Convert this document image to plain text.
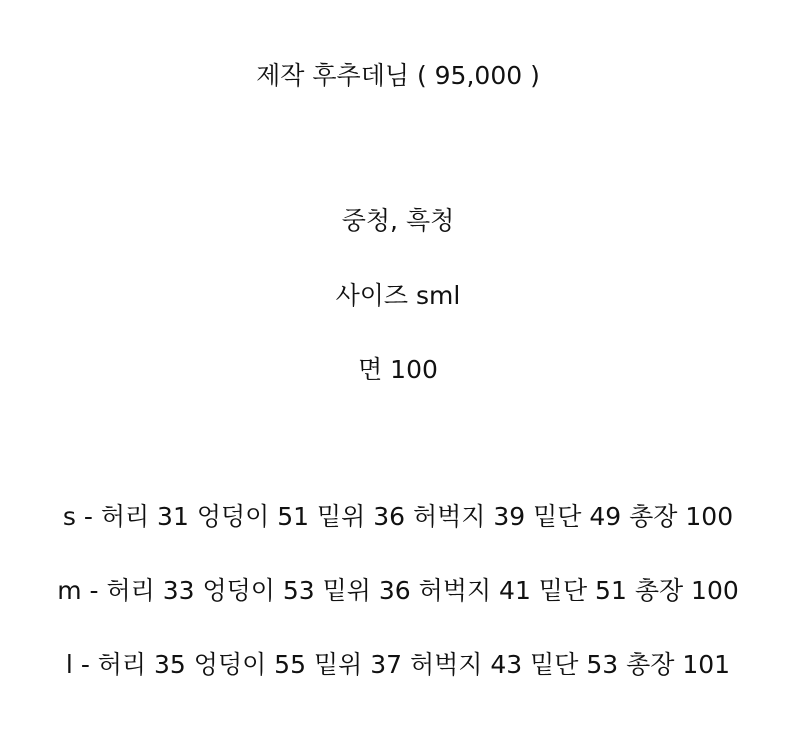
제작 후추데님 ( 95,000 )
중청, 흑청
사이즈 sml
면 100
s - 허리 31 엉덩이 51 밑위 36 허벅지 39 밑단 49 총장 100
m - 허리 33 엉덩이 53 밑위 36 허벅지 41 밑단 51 총장 100
l - 허리 35 엉덩이 55 밑위 37 허벅지 43 밑단 53 총장 101
